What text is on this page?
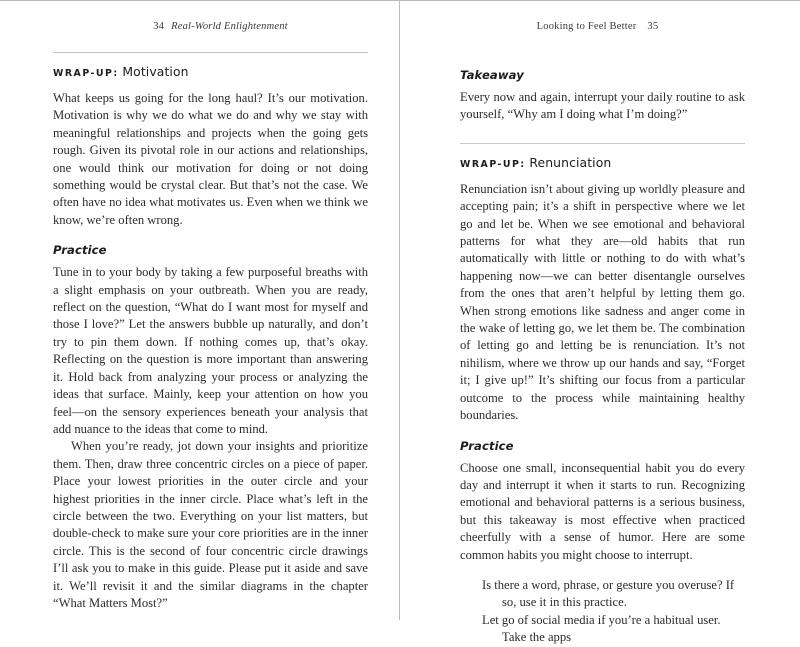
34 Real-World Enlightenment
WRAP-UP: Motivation

What keeps us going for the long haul? It’s our motivation. Motivation is why we do what we do and why we stay with meaningful relationships and projects when the going gets rough. Given its pivotal role in our actions and relationships, one would think our motivation for doing or not doing something would be crystal clear. But that’s not the case. We often have no idea what motivates us. Even when we think we know, we’re often wrong.

Practice

Tune in to your body by taking a few purposeful breaths with a slight emphasis on your outbreath. When you are ready, reflect on the question, “What do I want most for myself and those I love?” Let the answers bubble up naturally, and don’t try to pin them down. If nothing comes up, that’s okay. Reflecting on the question is more important than answering it. Hold back from analyzing your process or analyzing the ideas that surface. Mainly, keep your attention on how you feel—on the sensory experiences beneath your analysis that add nuance to the ideas that come to mind.

When you’re ready, jot down your insights and prioritize them. Then, draw three concentric circles on a piece of paper. Place your lowest priorities in the outer circle and your highest priorities in the inner circle. Place what’s left in the circle between the two. Everything on your list matters, but double-check to make sure your core priorities are in the inner circle. This is the second of four concentric circle drawings I’ll ask you to make in this guide. Please put it aside and save it. We’ll revisit it and the similar diagrams in the chapter “What Matters Most?”

Looking to Feel Better 35
Takeaway

Every now and again, interrupt your daily routine to ask yourself, “Why am I doing what I’m doing?”

WRAP-UP: Renunciation

Renunciation isn’t about giving up worldly pleasure and accepting pain; it’s a shift in perspective where we let go and let be. When we see emotional and behavioral patterns for what they are—old habits that run automatically with little or nothing to do with what’s happening now—we can better disentangle ourselves from the ones that aren’t helpful by letting them go. When strong emotions like sadness and anger come in the wake of letting go, we let them be. The combination of letting go and letting be is renunciation. It’s not nihilism, where we throw up our hands and say, “Forget it; I give up!” It’s shifting our focus from a particular outcome to the process while maintaining healthy boundaries.

Practice

Choose one small, inconsequential habit you do every day and interrupt it when it starts to run. Recognizing emotional and behavioral patterns is a serious business, but this takeaway is most effective when practiced cheerfully with a sense of humor. Here are some common habits you might choose to interrupt.

Is there a word, phrase, or gesture you overuse? If so, use it in this practice.
Let go of social media if you’re a habitual user. Take the apps
